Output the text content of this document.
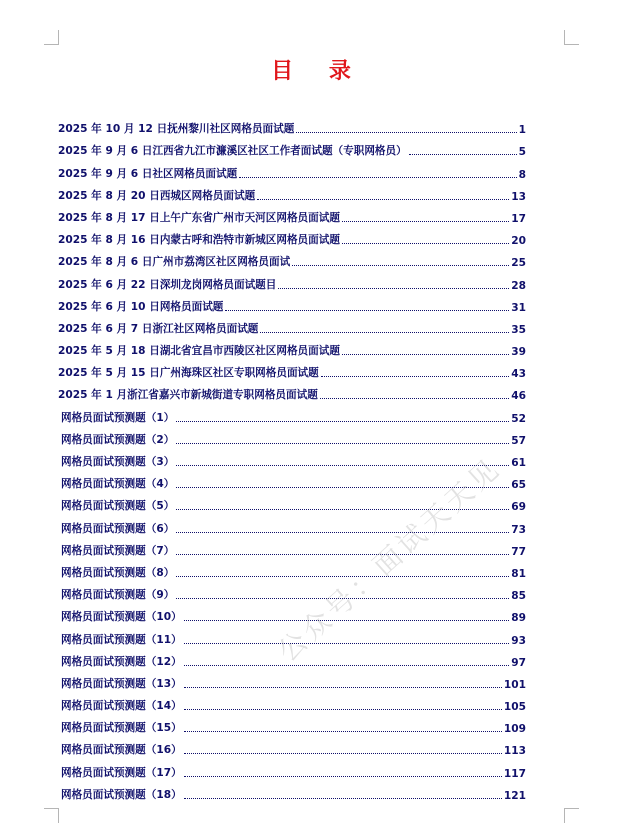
目 录
2025 年 10 月 12 日抚州黎川社区网格员面试题	1
2025 年 9 月 6 日江西省九江市濂溪区社区工作者面试题（专职网格员）	5
2025 年 9 月 6 日社区网格员面试题	8
2025 年 8 月 20 日西城区网格员面试题	13
2025 年 8 月 17 日上午广东省广州市天河区网格员面试题	17
2025 年 8 月 16 日内蒙古呼和浩特市新城区网格员面试题	20
2025 年 8 月 6 日广州市荔湾区社区网格员面试	25
2025 年 6 月 22 日深圳龙岗网格员面试题目	28
2025 年 6 月 10 日网格员面试题	31
2025 年 6 月 7 日浙江社区网格员面试题	35
2025 年 5 月 18 日湖北省宜昌市西陵区社区网格员面试题	39
2025 年 5 月 15 日广州海珠区社区专职网格员面试题	43
2025 年 1 月浙江省嘉兴市新城街道专职网格员面试题	46
网格员面试预测题（1）	52
网格员面试预测题（2）	57
网格员面试预测题（3）	61
网格员面试预测题（4）	65
网格员面试预测题（5）	69
网格员面试预测题（6）	73
网格员面试预测题（7）	77
网格员面试预测题（8）	81
网格员面试预测题（9）	85
网格员面试预测题（10）	89
网格员面试预测题（11）	93
网格员面试预测题（12）	97
网格员面试预测题（13）	101
网格员面试预测题（14）	105
网格员面试预测题（15）	109
网格员面试预测题（16）	113
网格员面试预测题（17）	117
网格员面试预测题（18）	121
公众号：面试天天见
